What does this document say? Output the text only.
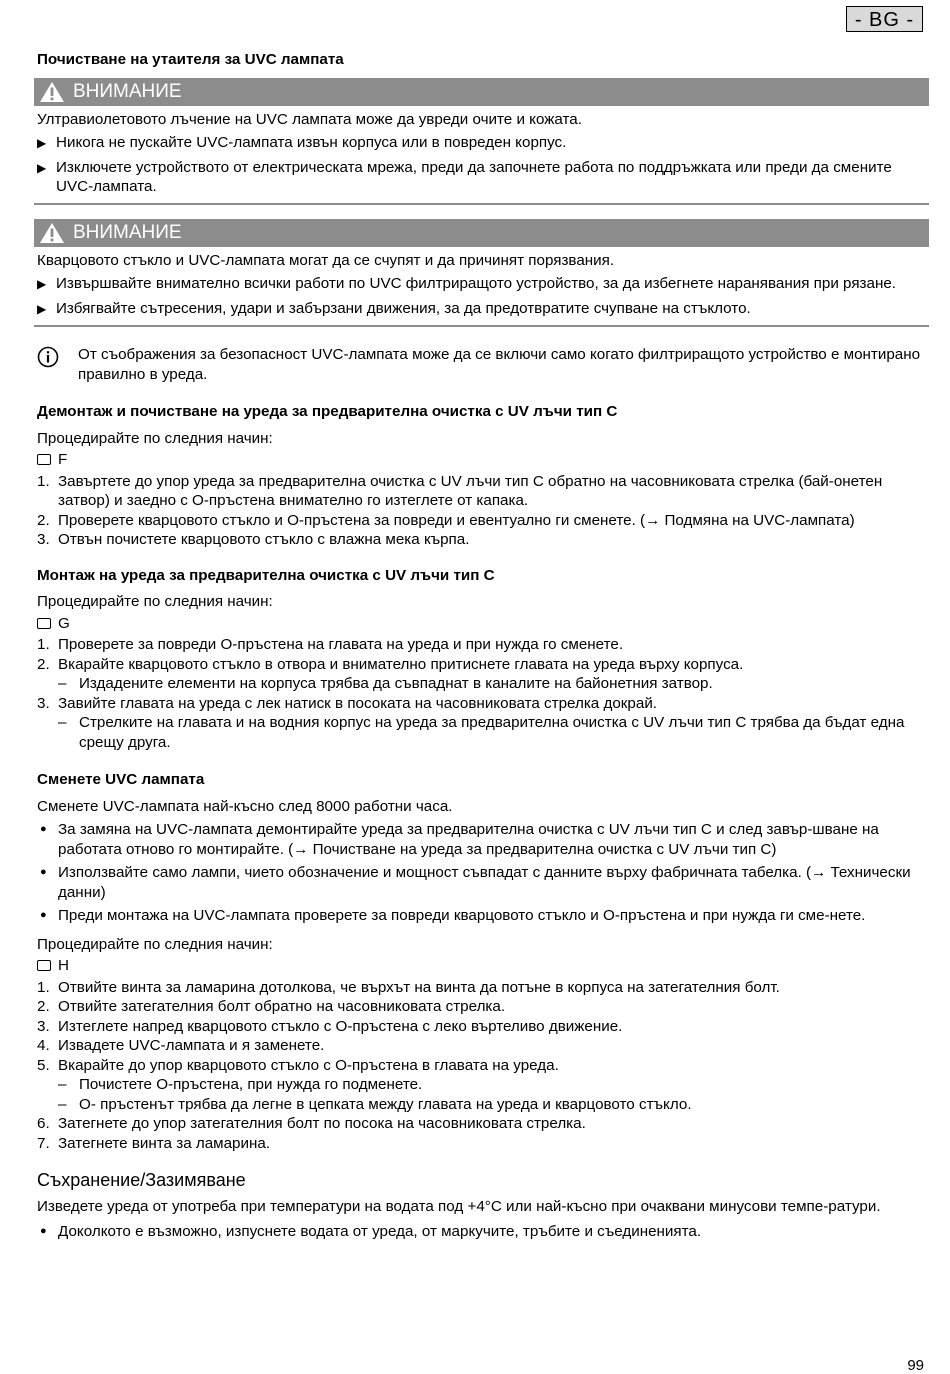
- BG -

Почистване на утаителя за UVC лампата

ВНИМАНИЕ

Ултравиолетовото лъчение на UVC лампата може да увреди очите и кожата.

▶ Никога не пускайте UVC-лампата извън корпуса или в повреден корпус.
▶ Изключете устройството от електрическата мрежа, преди да започнете работа по поддръжката или преди да смените UVC-лампата.
ВНИМАНИЕ

Кварцовото стъкло и UVC-лампата могат да се счупят и да причинят порязвания.

▶ Извършвайте внимателно всички работи по UVC филтриращото устройство, за да избегнете наранявания при рязане.
▶ Избягвайте сътресения, удари и забързани движения, за да предотвратите счупване на стъклото.
От съображения за безопасност UVC-лампата може да се включи само когато филтриращото устройство е монтирано правилно в уреда.

Демонтаж и почистване на уреда за предварителна очистка с UV лъчи тип C

Процедирайте по следния начин:

F
1. Завъртете до упор уреда за предварителна очистка с UV лъчи тип C обратно на часовниковата стрелка (бай-онетен затвор) и заедно с О-пръстена внимателно го изтеглете от капака.
2. Проверете кварцовото стъкло и О-пръстена за повреди и евентуално ги сменете. (→ Подмяна на UVC-лампата)
3. Отвън почистете кварцовото стъкло с влажна мека кърпа.

Монтаж на уреда за предварителна очистка с UV лъчи тип C

Процедирайте по следния начин:

G
1. Проверете за повреди О-пръстена на главата на уреда и при нужда го сменете.
2. Вкарайте кварцовото стъкло в отвора и внимателно притиснете главата на уреда върху корпуса.
– Издадените елементи на корпуса трябва да съвпаднат в каналите на байонетния затвор.
3. Завийте главата на уреда с лек натиск в посоката на часовниковата стрелка докрай.
– Стрелките на главата и на водния корпус на уреда за предварителна очистка с UV лъчи тип C трябва да бъдат една срещу друга.

Сменете UVC лампата

Сменете UVC-лампата най-късно след 8000 работни часа.

● За замяна на UVC-лампата демонтирайте уреда за предварителна очистка с UV лъчи тип C и след завър-шване на работата отново го монтирайте. (→ Почистване на уреда за предварителна очистка с UV лъчи тип C)
● Използвайте само лампи, чието обозначение и мощност съвпадат с данните върху фабричната табелка. (→ Технически данни)
● Преди монтажа на UVC-лампата проверете за повреди кварцовото стъкло и О-пръстена и при нужда ги сме-нете.

Процедирайте по следния начин:

H
1. Отвийте винта за ламарина дотолкова, че върхът на винта да потъне в корпуса на затегателния болт.
2. Отвийте затегателния болт обратно на часовниковата стрелка.
3. Изтеглете напред кварцовото стъкло с О-пръстена с леко въртеливо движение.
4. Извадете UVC-лампата и я заменете.
5. Вкарайте до упор кварцовото стъкло с О-пръстена в главата на уреда.
– Почистете О-пръстена, при нужда го подменете.
– О- пръстенът трябва да легне в цепката между главата на уреда и кварцовото стъкло.
6. Затегнете до упор затегателния болт по посока на часовниковата стрелка.
7. Затегнете винта за ламарина.

Съхранение/Зазимяване

Изведете уреда от употреба при температури на водата под +4°C или най-късно при очаквани минусови темпе-ратури.

● Доколкото е възможно, изпуснете водата от уреда, от маркучите, тръбите и съединенията.
99
